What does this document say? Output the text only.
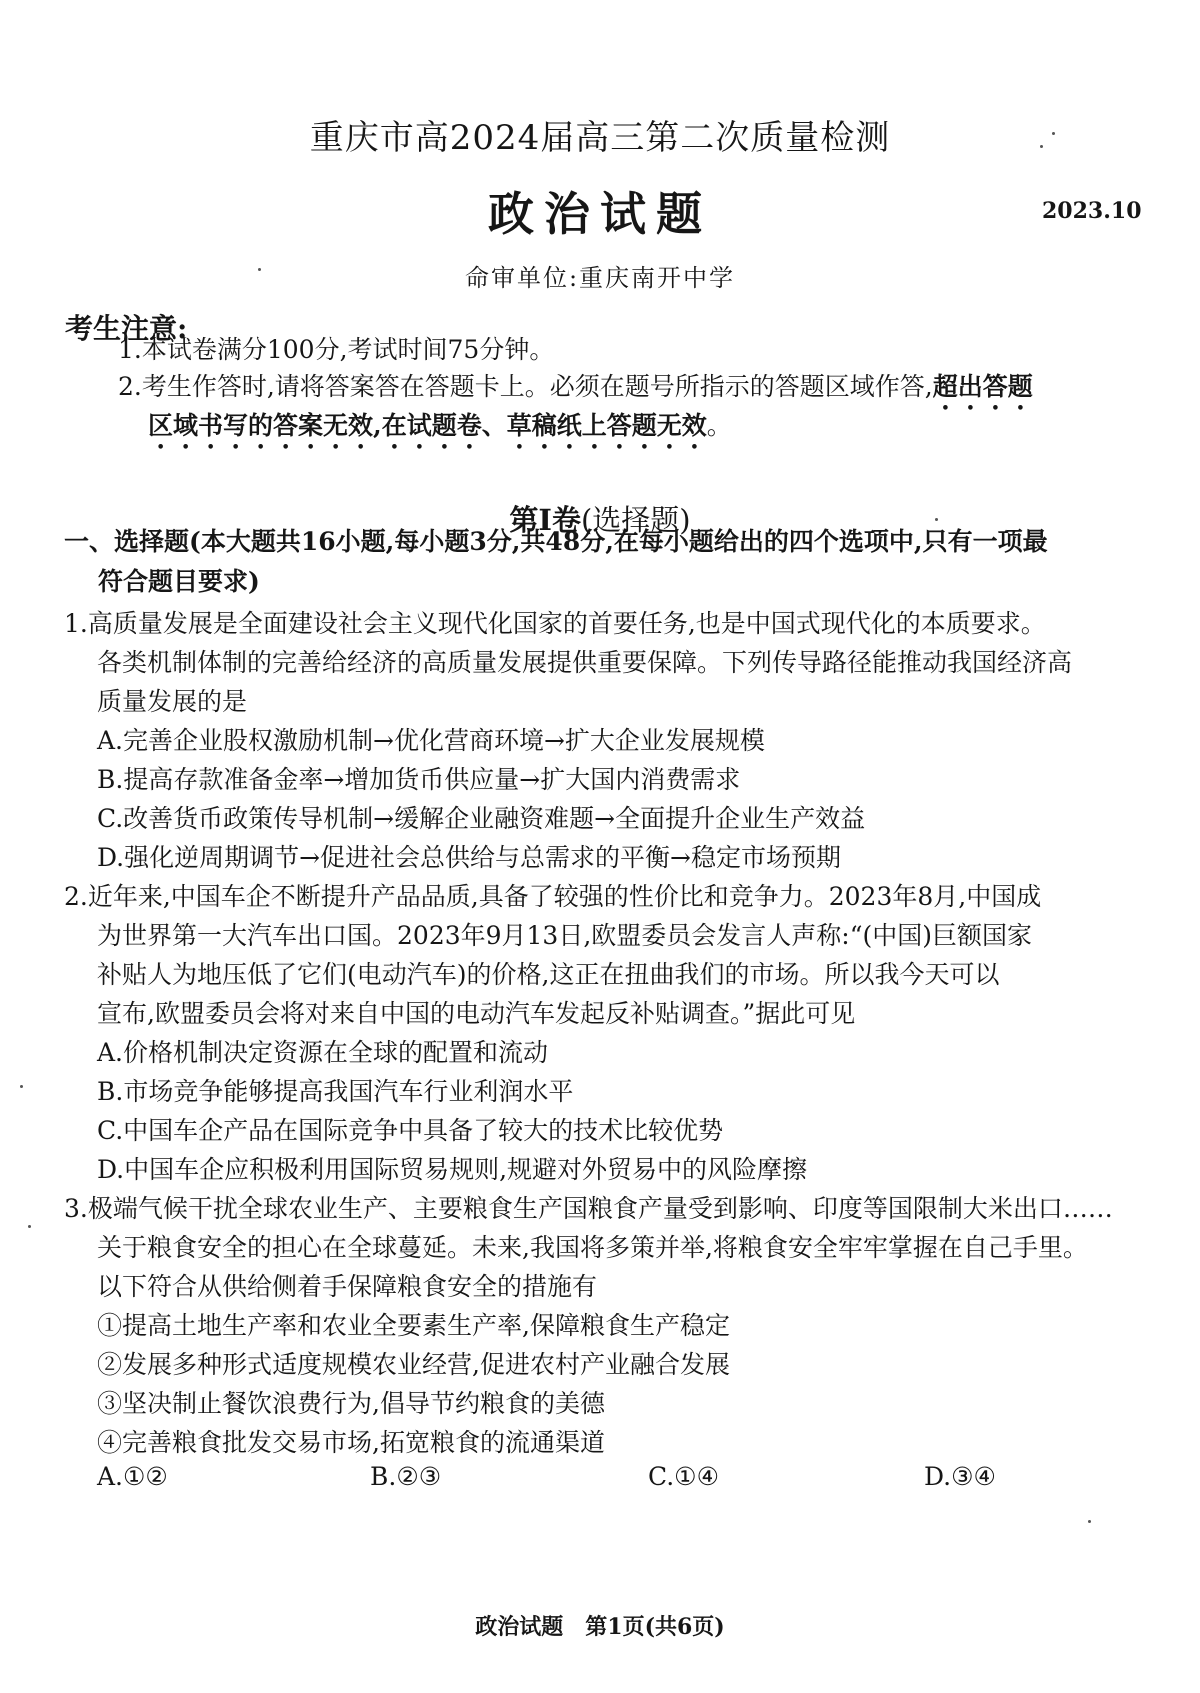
重庆市高2024届高三第二次质量检测
政治试题	2023.10
命审单位:重庆南开中学
考生注意:
1.本试卷满分100分,考试时间75分钟。
2.考生作答时,请将答案答在答题卡上。必须在题号所指示的答题区域作答,超出答题
区域书写的答案无效,在试题卷、草稿纸上答题无效。
第Ⅰ卷(选择题)
一、选择题(本大题共16小题,每小题3分,共48分,在每小题给出的四个选项中,只有一项最
符合题目要求)
1.高质量发展是全面建设社会主义现代化国家的首要任务,也是中国式现代化的本质要求。
各类机制体制的完善给经济的高质量发展提供重要保障。下列传导路径能推动我国经济高
质量发展的是
A.完善企业股权激励机制→优化营商环境→扩大企业发展规模
B.提高存款准备金率→增加货币供应量→扩大国内消费需求
C.改善货币政策传导机制→缓解企业融资难题→全面提升企业生产效益
D.强化逆周期调节→促进社会总供给与总需求的平衡→稳定市场预期
2.近年来,中国车企不断提升产品品质,具备了较强的性价比和竞争力。2023年8月,中国成
为世界第一大汽车出口国。2023年9月13日,欧盟委员会发言人声称:“(中国)巨额国家
补贴人为地压低了它们(电动汽车)的价格,这正在扭曲我们的市场。所以我今天可以
宣布,欧盟委员会将对来自中国的电动汽车发起反补贴调查。”据此可见
A.价格机制决定资源在全球的配置和流动
B.市场竞争能够提高我国汽车行业利润水平
C.中国车企产品在国际竞争中具备了较大的技术比较优势
D.中国车企应积极利用国际贸易规则,规避对外贸易中的风险摩擦
3.极端气候干扰全球农业生产、主要粮食生产国粮食产量受到影响、印度等国限制大米出口……
关于粮食安全的担心在全球蔓延。未来,我国将多策并举,将粮食安全牢牢掌握在自己手里。
以下符合从供给侧着手保障粮食安全的措施有
①提高土地生产率和农业全要素生产率,保障粮食生产稳定
②发展多种形式适度规模农业经营,促进农村产业融合发展
③坚决制止餐饮浪费行为,倡导节约粮食的美德
④完善粮食批发交易市场,拓宽粮食的流通渠道
A.①②	B.②③	C.①④	D.③④
政治试题　第1页(共6页)
